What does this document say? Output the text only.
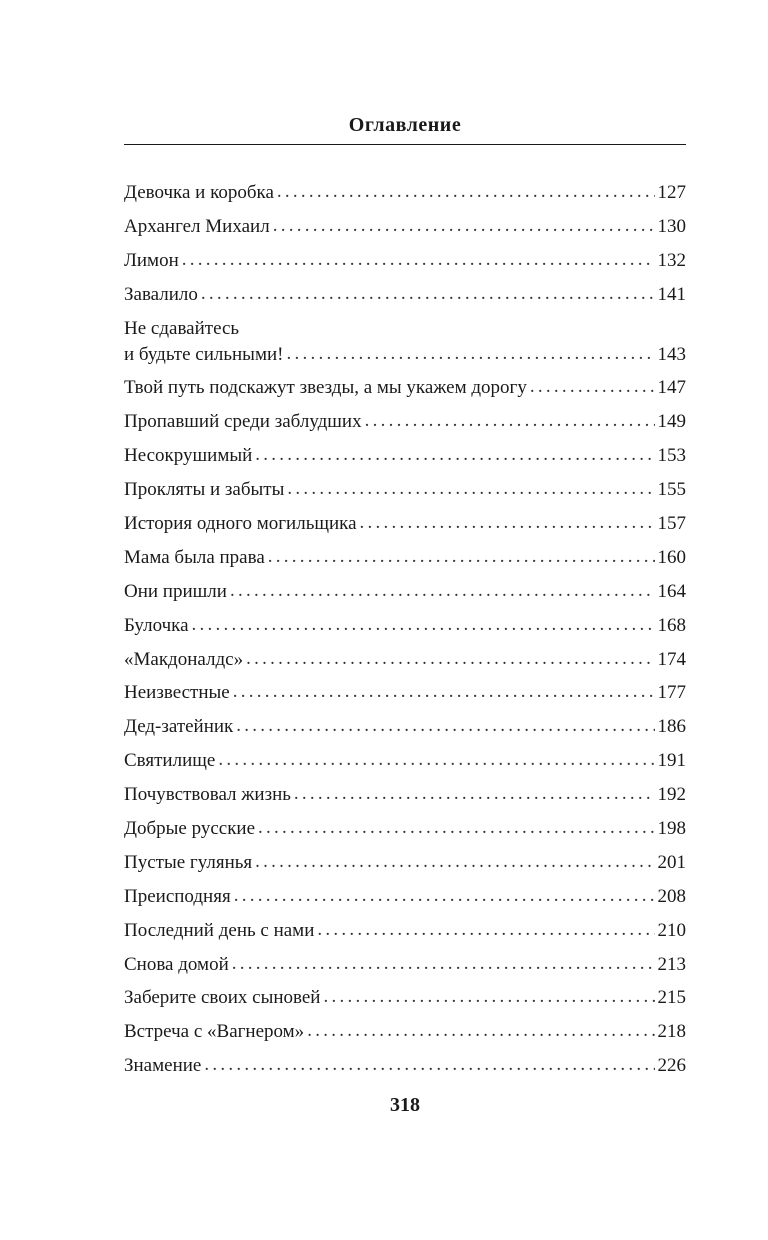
Оглавление
Девочка и коробка . . .	127
Архангел Михаил . . .	130
Лимон . . .	132
Завалило . . .	141
Не сдавайтесь
и будьте сильными! . . .	143
Твой путь подскажут звезды, а мы укажем дорогу . . .	147
Пропавший среди заблудших . . .	149
Несокрушимый . . .	153
Прокляты и забыты . . .	155
История одного могильщика . . .	157
Мама была права . . .	160
Они пришли . . .	164
Булочка . . .	168
«Макдоналдс» . . .	174
Неизвестные . . .	177
Дед-затейник . . .	186
Святилище . . .	191
Почувствовал жизнь . . .	192
Добрые русские . . .	198
Пустые гулянья . . .	201
Преисподняя . . .	208
Последний день с нами . . .	210
Снова домой . . .	213
Заберите своих сыновей . . .	215
Встреча с «Вагнером» . . .	218
Знамение . . .	226
318
